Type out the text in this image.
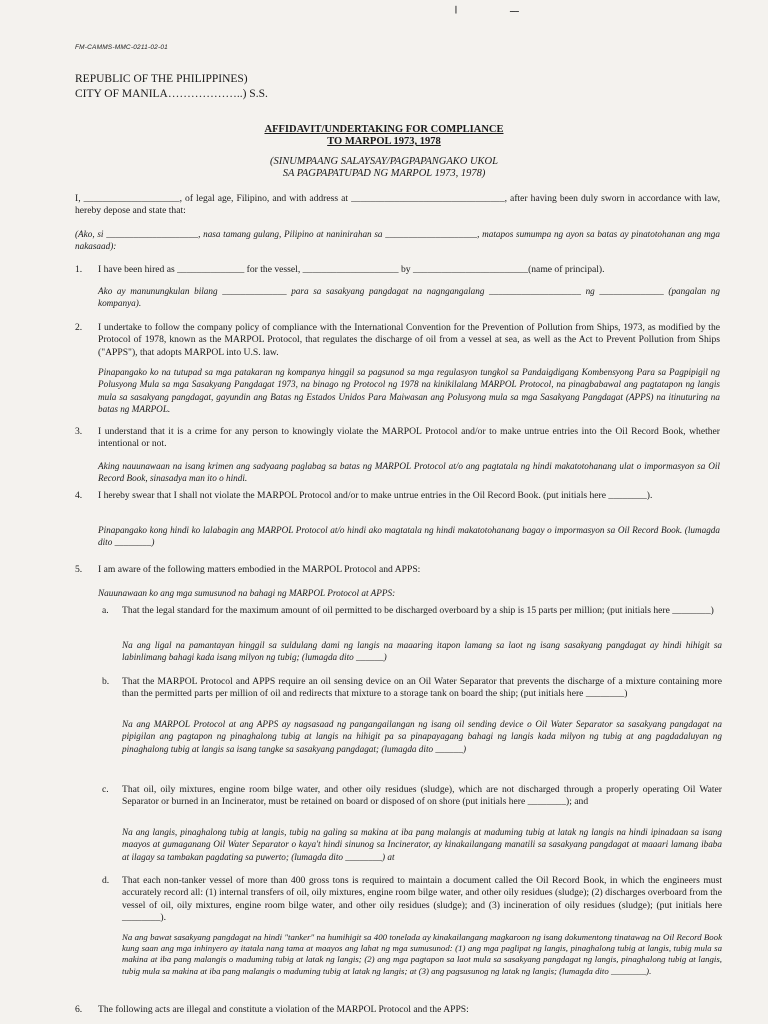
╵	ـــ
FM-CAMMS-MMC-0211-02-01
REPUBLIC OF THE PHILIPPINES)
CITY OF MANILA………………..) S.S.
AFFIDAVIT/UNDERTAKING FOR COMPLIANCE
TO MARPOL 1973, 1978
(SINUMPAANG SALAYSAY/PAGPAPANGAKO UKOL
SA PAGPAPATUPAD NG MARPOL 1973, 1978)
I, ____________________, of legal age, Filipino, and with address at ________________________________, after having been duly sworn in accordance with law, hereby depose and state that:
(Ako, si ____________________, nasa tamang gulang, Pilipino at naninirahan sa ____________________, matapos sumumpa ng ayon sa batas ay pinatotohanan ang mga nakasaad):
1. I have been hired as ______________ for the vessel, ____________________ by ________________________(name of principal).
Ako ay manunungkulan bilang ______________ para sa sasakyang pangdagat na nagngangalang ____________________ ng ______________ (pangalan ng kompanya).
2. I undertake to follow the company policy of compliance with the International Convention for the Prevention of Pollution from Ships, 1973, as modified by the Protocol of 1978, known as the MARPOL Protocol, that regulates the discharge of oil from a vessel at sea, as well as the Act to Prevent Pollution from Ships ("APPS"), that adopts MARPOL into U.S. law.
Pinapangako ko na tutupad sa mga patakaran ng kompanya hinggil sa pagsunod sa mga regulasyon tungkol sa Pandaigdigang Kombensyong Para sa Pagpipigil ng Polusyong Mula sa mga Sasakyang Pangdagat 1973, na binago ng Protocol ng 1978 na kinikilalang MARPOL Protocol, na pinagbabawal ang pagtatapon ng langis mula sa sasakyang pangdagat, gayundin ang Batas ng Estados Unidos Para Maiwasan ang Polusyong mula sa mga Sasakyang Pangdagat (APPS) na itinuturing na batas ng MARPOL.
3. I understand that it is a crime for any person to knowingly violate the MARPOL Protocol and/or to make untrue entries into the Oil Record Book, whether intentional or not.
Aking nauunawaan na isang krimen ang sadyaang paglabag sa batas ng MARPOL Protocol at/o ang pagtatala ng hindi makatotohanang ulat o impormasyon sa Oil Record Book, sinasadya man ito o hindi.
4. I hereby swear that I shall not violate the MARPOL Protocol and/or to make untrue entries in the Oil Record Book. (put initials here ________).
Pinapangako kong hindi ko lalabagin ang MARPOL Protocol at/o hindi ako magtatala ng hindi makatotohanang bagay o impormasyon sa Oil Record Book. (lumagda dito ________)
5. I am aware of the following matters embodied in the MARPOL Protocol and APPS:
Nauunawaan ko ang mga sumusunod na bahagi ng MARPOL Protocol at APPS:
a. That the legal standard for the maximum amount of oil permitted to be discharged overboard by a ship is 15 parts per million; (put initials here ________)
Na ang ligal na pamantayan hinggil sa suldulang dami ng langis na maaaring itapon lamang sa laot ng isang sasakyang pangdagat ay hindi hihigit sa labinlimang bahagi kada isang milyon ng tubig; (lumagda dito ______)
b. That the MARPOL Protocol and APPS require an oil sensing device on an Oil Water Separator that prevents the discharge of a mixture containing more than the permitted parts per million of oil and redirects that mixture to a storage tank on board the ship; (put initials here ________)
Na ang MARPOL Protocol at ang APPS ay nagsasaad ng pangangailangan ng isang oil sending device o Oil Water Separator sa sasakyang pangdagat na pipigilan ang pagtapon ng pinaghalong tubig at langis na hihigit pa sa pinapayagang bahagi ng langis kada milyon ng tubig at ang pagdadaluyan ng pinaghalong tubig at langis sa isang tangke sa sasakyang pangdagat; (lumagda dito ______)
c. That oil, oily mixtures, engine room bilge water, and other oily residues (sludge), which are not discharged through a properly operating Oil Water Separator or burned in an Incinerator, must be retained on board or disposed of on shore (put initials here ________); and
Na ang langis, pinaghalong tubig at langis, tubig na galing sa makina at iba pang malangis at maduming tubig at latak ng langis na hindi ipinadaan sa isang maayos at gumaganang Oil Water Separator o kaya't hindi sinunog sa Incinerator, ay kinakailangang manatili sa sasakyang pangdagat at maaari lamang ibaba at ilagay sa tambakan pagdating sa puwerto; (lumagda dito ________) at
d. That each non-tanker vessel of more than 400 gross tons is required to maintain a document called the Oil Record Book, in which the engineers must accurately record all: (1) internal transfers of oil, oily mixtures, engine room bilge water, and other oily residues (sludge); (2) discharges overboard from the vessel of oil, oily mixtures, engine room bilge water, and other oily residues (sludge); and (3) incineration of oily residues (sludge); (put initials here ________).
Na ang bawat sasakyang pangdagat na hindi "tanker" na humihigit sa 400 tonelada ay kinakailangang magkaroon ng isang dokumentong tinatawag na Oil Record Book kung saan ang mga inhinyero ay itatala nang tama at maayos ang lahat ng mga sumusunod: (1) ang mga paglipat ng langis, pinaghalong tubig at langis, tubig mula sa makina at iba pang malangis o maduming tubig at latak ng langis; (2) ang mga pagtapon sa laot mula sa sasakyang pangdagat ng langis, pinaghalong tubig at langis, tubig mula sa makina at iba pang malangis o maduming tubig at latak ng langis; at (3) ang pagsusunog ng latak ng langis; (lumagda dito ________).
6. The following acts are illegal and constitute a violation of the MARPOL Protocol and the APPS:
